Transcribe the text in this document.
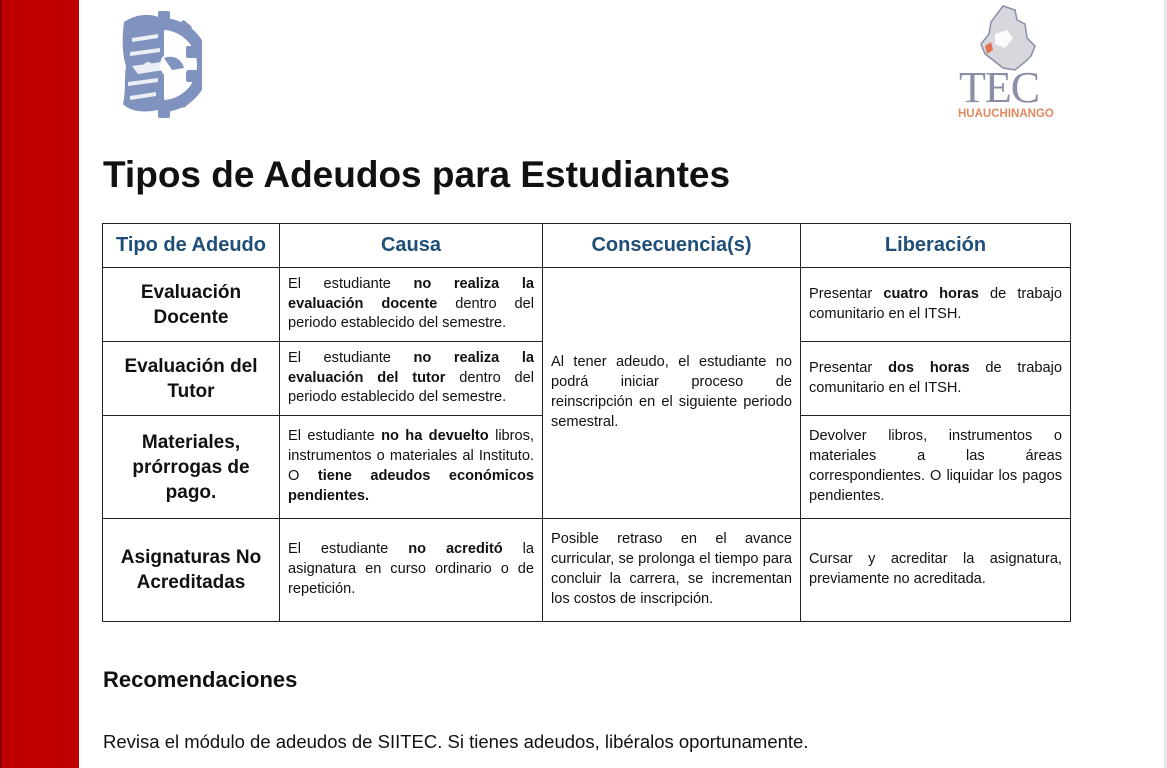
TEC
HUAUCHINANGO
Tipos de Adeudos para Estudiantes
Tipo de Adeudo	Causa	Consecuencia(s)	Liberación
Evaluación Docente	El estudiante no realiza la evaluación docente dentro del periodo establecido del semestre.	Al tener adeudo, el estudiante no podrá iniciar proceso de reinscripción en el siguiente periodo semestral.	Presentar cuatro horas de trabajo comunitario en el ITSH.
Evaluación del Tutor	El estudiante no realiza la evaluación del tutor dentro del periodo establecido del semestre.		Presentar dos horas de trabajo comunitario en el ITSH.
Materiales, prórrogas de pago.	El estudiante no ha devuelto libros, instrumentos o materiales al Instituto. O tiene adeudos económicos pendientes.		Devolver libros, instrumentos o materiales a las áreas correspondientes. O liquidar los pagos pendientes.
Asignaturas No Acreditadas	El estudiante no acreditó la asignatura en curso ordinario o de repetición.	Posible retraso en el avance curricular, se prolonga el tiempo para concluir la carrera, se incrementan los costos de inscripción.	Cursar y acreditar la asignatura, previamente no acreditada.
Recomendaciones

Revisa el módulo de adeudos de SIITEC. Si tienes adeudos, libéralos oportunamente.
